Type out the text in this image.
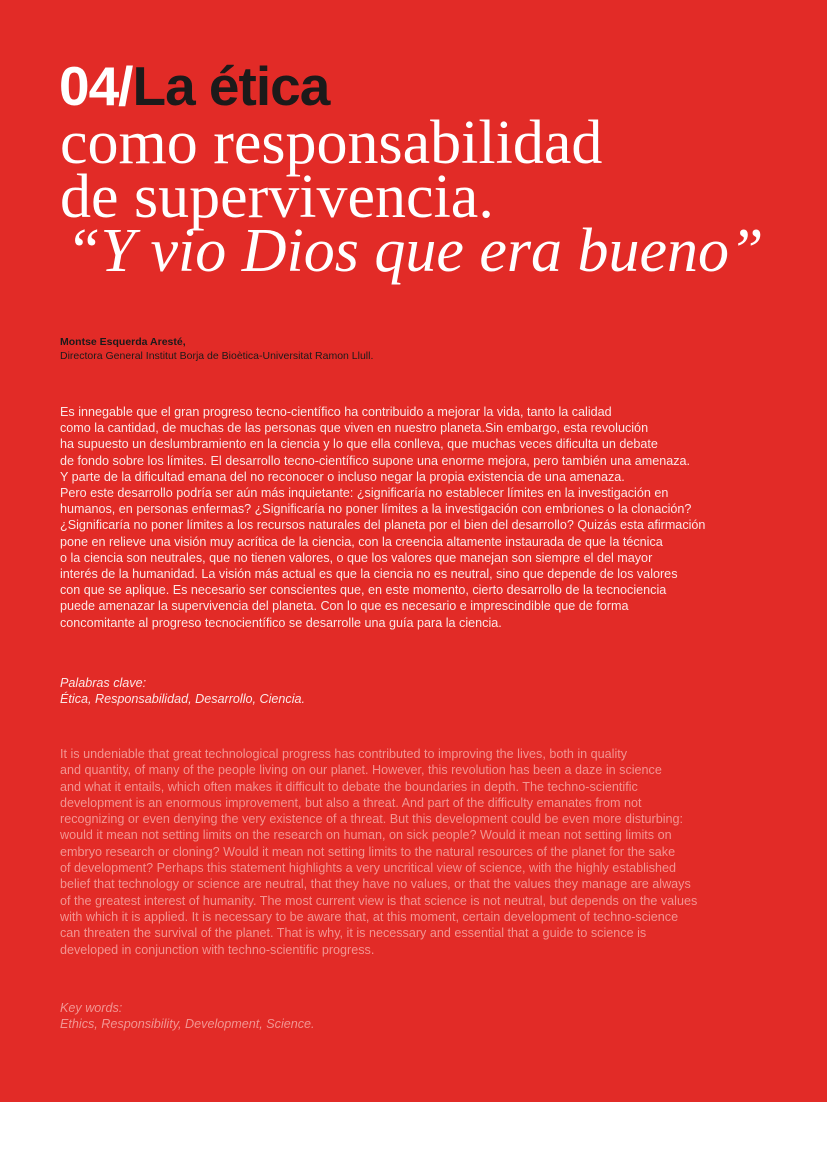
04/La ética
como responsabilidad
de supervivencia.
“Y vio Dios que era bueno”
Montse Esquerda Aresté,
Directora General Institut Borja de Bioètica-Universitat Ramon Llull.
Es innegable que el gran progreso tecno-científico ha contribuido a mejorar la vida, tanto la calidad
como la cantidad, de muchas de las personas que viven en nuestro planeta.Sin embargo, esta revolución
ha supuesto un deslumbramiento en la ciencia y lo que ella conlleva, que muchas veces dificulta un debate
de fondo sobre los límites. El desarrollo tecno-científico supone una enorme mejora, pero también una amenaza.
Y parte de la dificultad emana del no reconocer o incluso negar la propia existencia de una amenaza.
Pero este desarrollo podría ser aún más inquietante: ¿significaría no establecer límites en la investigación en
humanos, en personas enfermas? ¿Significaría no poner límites a la investigación con embriones o la clonación?
¿Significaría no poner límites a los recursos naturales del planeta por el bien del desarrollo? Quizás esta afirmación
pone en relieve una visión muy acrítica de la ciencia, con la creencia altamente instaurada de que la técnica
o la ciencia son neutrales, que no tienen valores, o que los valores que manejan son siempre el del mayor
interés de la humanidad. La visión más actual es que la ciencia no es neutral, sino que depende de los valores
con que se aplique. Es necesario ser conscientes que, en este momento, cierto desarrollo de la tecnociencia
puede amenazar la supervivencia del planeta. Con lo que es necesario e imprescindible que de forma
concomitante al progreso tecnocientífico se desarrolle una guía para la ciencia.
Palabras clave:
Ética, Responsabilidad, Desarrollo, Ciencia.
It is undeniable that great technological progress has contributed to improving the lives, both in quality
and quantity, of many of the people living on our planet. However, this revolution has been a daze in science
and what it entails, which often makes it difficult to debate the boundaries in depth. The techno-scientific
development is an enormous improvement, but also a threat. And part of the difficulty emanates from not
recognizing or even denying the very existence of a threat. But this development could be even more disturbing:
would it mean not setting limits on the research on human, on sick people? Would it mean not setting limits on
embryo research or cloning? Would it mean not setting limits to the natural resources of the planet for the sake
of development? Perhaps this statement highlights a very uncritical view of science, with the highly established
belief that technology or science are neutral, that they have no values, or that the values they manage are always
of the greatest interest of humanity. The most current view is that science is not neutral, but depends on the values
with which it is applied. It is necessary to be aware that, at this moment, certain development of techno-science
can threaten the survival of the planet. That is why, it is necessary and essential that a guide to science is
developed in conjunction with techno-scientific progress.
Key words:
Ethics, Responsibility, Development, Science.
